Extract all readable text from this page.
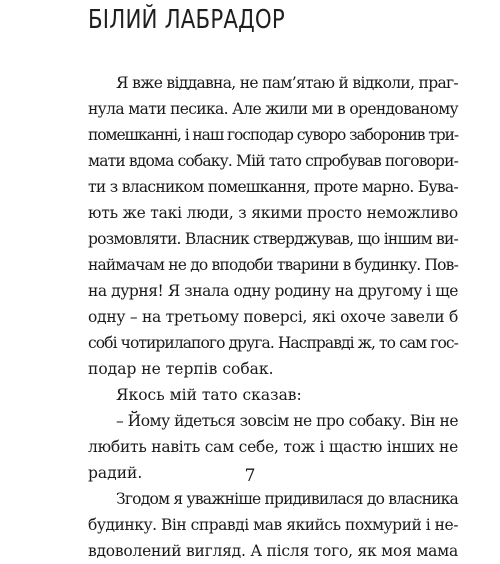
БІЛИЙ ЛАБРАДОР
Я вже віддавна, не пам’ятаю й відколи, праг-
нула мати песика. Але жили ми в орендованому
помешканні, і наш господар суворо заборонив три-
мати вдома собаку. Мій тато спробував поговори-
ти з власником помешкання, проте марно. Бува-
ють же такі люди, з якими просто неможливо
розмовляти. Власник стверджував, що іншим ви-
наймачам не до вподоби тварини в будинку. Пов-
на дурня! Я знала одну родину на другому і ще
одну – на третьому поверсі, які охоче завели б
собі чотирилапого друга. Насправді ж, то сам гос-
подар не терпів собак.
Якось мій тато сказав:
– Йому йдеться зовсім не про собаку. Він не
любить навіть сам себе, тож і щастю інших не
радий.
Згодом я уважніше придивилася до власника
будинку. Він справді мав якийсь похмурий і не-
вдоволений вигляд. А після того, як моя мама
7
